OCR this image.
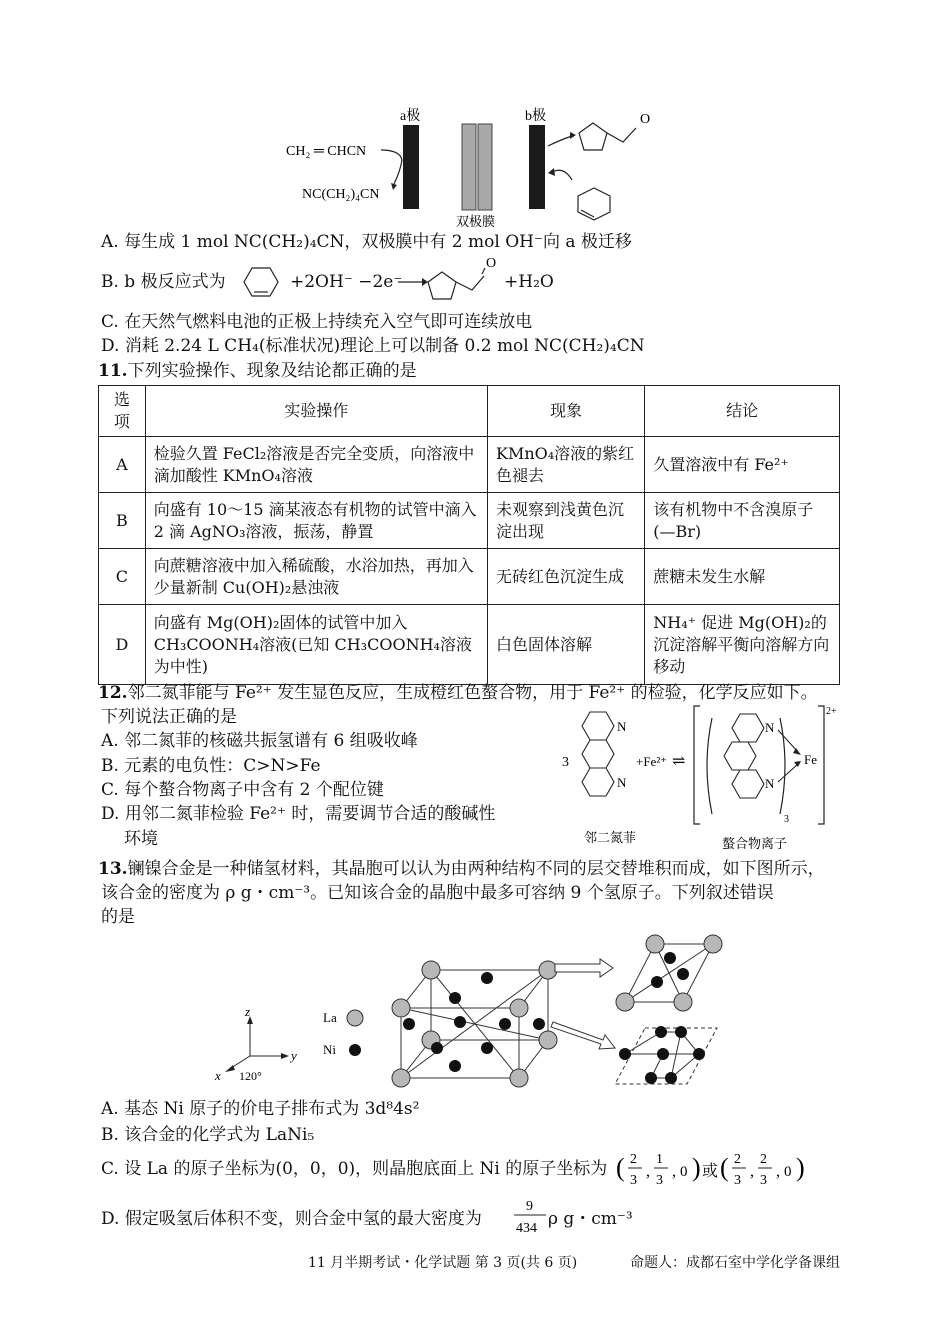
a极
双极膜
b极
CH₂ ═ CHCN
NC(CH₂)₄CN
O
A. 每生成 1 mol NC(CH₂)₄CN，双极膜中有 2 mol OH⁻向 a 极迁移
B. b 极反应式为	+2OH⁻ −2e⁻
O
+H₂O
C. 在天然气燃料电池的正极上持续充入空气即可连续放电
D. 消耗 2.24 L CH₄(标准状况)理论上可以制备 0.2 mol NC(CH₂)₄CN
11.下列实验操作、现象及结论都正确的是
选项	实验操作	现象	结论
A	检验久置 FeCl₂溶液是否完全变质，向溶液中滴加酸性 KMnO₄溶液	KMnO₄溶液的紫红色褪去	久置溶液中有 Fe²⁺
B	向盛有 10～15 滴某液态有机物的试管中滴入 2 滴 AgNO₃溶液，振荡，静置	未观察到浅黄色沉淀出现	该有机物中不含溴原子(—Br)
C	向蔗糖溶液中加入稀硫酸，水浴加热，再加入少量新制 Cu(OH)₂悬浊液	无砖红色沉淀生成	蔗糖未发生水解
D	向盛有 Mg(OH)₂固体的试管中加入 CH₃COONH₄溶液(已知 CH₃COONH₄溶液为中性)	白色固体溶解	NH₄⁺ 促进 Mg(OH)₂的沉淀溶解平衡向溶解方向移动
12.邻二氮菲能与 Fe²⁺ 发生显色反应，生成橙红色螯合物，用于 Fe²⁺ 的检验，化学反应如下。
下列说法正确的是
A. 邻二氮菲的核磁共振氢谱有 6 组吸收峰
B. 元素的电负性：C>N>Fe
C. 每个螯合物离子中含有 2 个配位键
D. 用邻二氮菲检验 Fe²⁺ 时，需要调节合适的酸碱性
环境
3
N
N
+Fe²⁺ ⇌
N
N
Fe
3
2+
邻二氮菲	螯合物离子
13.镧镍合金是一种储氢材料，其晶胞可以认为由两种结构不同的层交替堆积而成，如下图所示，
该合金的密度为 ρ g・cm⁻³。已知该合金的晶胞中最多可容纳 9 个氢原子。下列叙述错误
的是
z
y
x 120°
La
Ni
A. 基态 Ni 原子的价电子排布式为 3d⁸4s²
B. 该合金的化学式为 LaNi₅
C. 设 La 的原子坐标为(0，0，0)，则晶胞底面上 Ni 的原子坐标为 ( 2
3
,
1
3
, 0 ) 或 ( 2
3
,
2
3
, 0 )
D. 假定吸氢后体积不变，则合金中氢的最大密度为
9
434 ρ g・cm⁻³
11 月半期考试・化学试题 第 3 页(共 6 页)	命题人：成都石室中学化学备课组
